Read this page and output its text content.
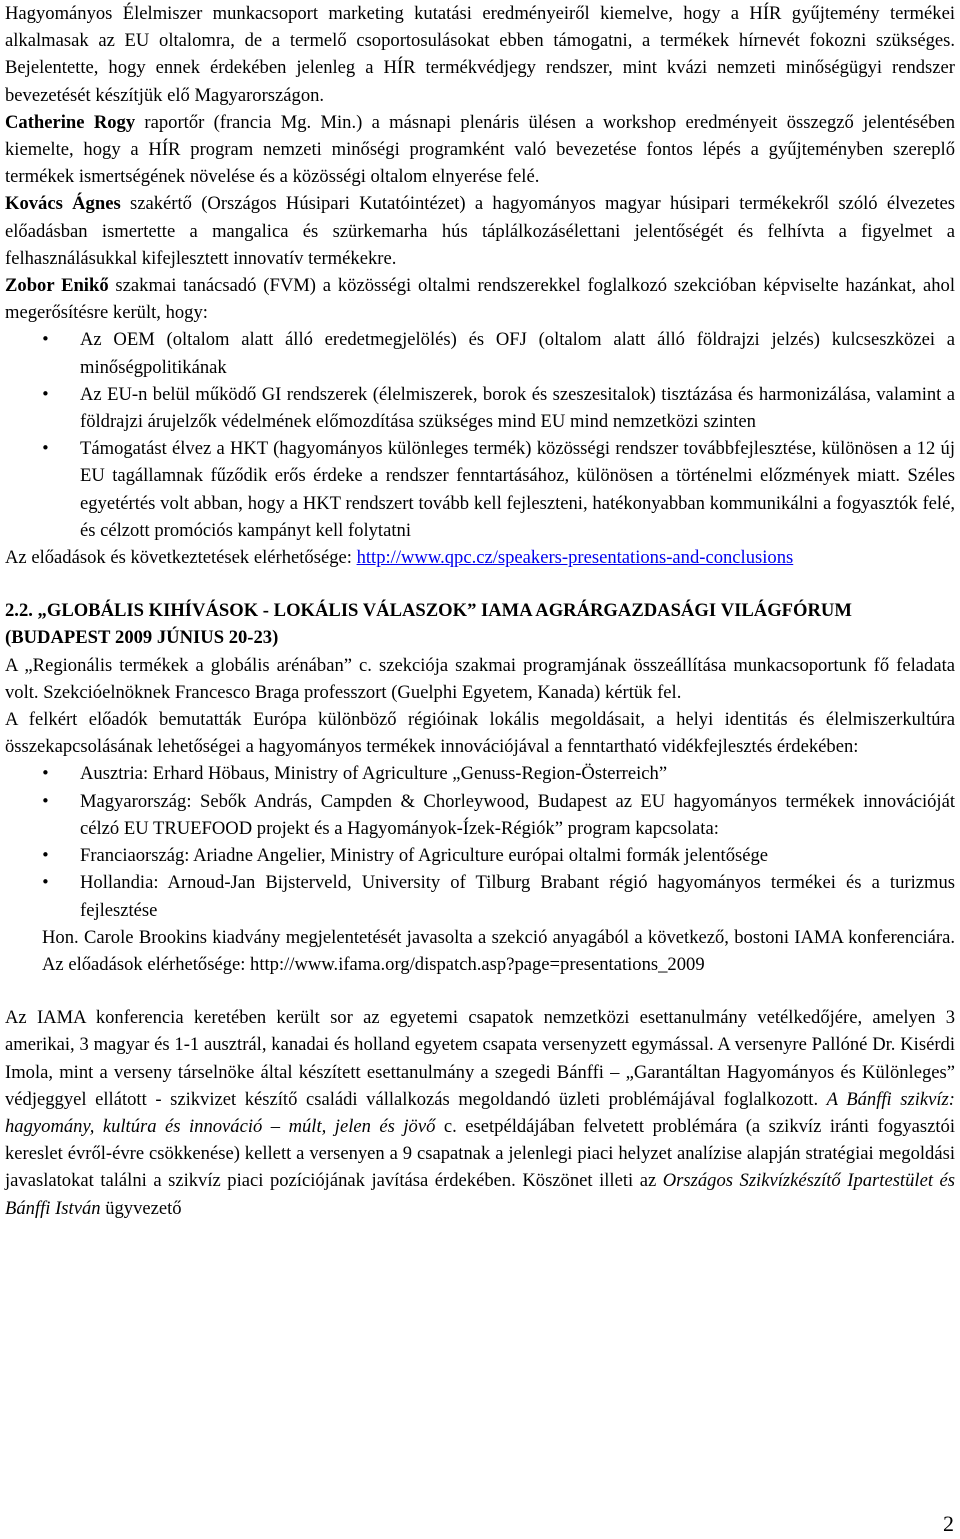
Hagyományos Élelmiszer munkacsoport marketing kutatási eredményeiről kiemelve, hogy a HÍR gyűjtemény termékei alkalmasak az EU oltalomra, de a termelő csoportosulásokat ebben támogatni, a termékek hírnevét fokozni szükséges. Bejelentette, hogy ennek érdekében jelenleg a HÍR termékvédjegy rendszer, mint kvázi nemzeti minőségügyi rendszer bevezetését készítjük elő Magyarországon.

Catherine Rogy raportőr (francia Mg. Min.) a másnapi plenáris ülésen a workshop eredményeit összegző jelentésében kiemelte, hogy a HÍR program nemzeti minőségi programként való bevezetése fontos lépés a gyűjteményben szereplő termékek ismertségének növelése és a közösségi oltalom elnyerése felé.

Kovács Ágnes szakértő (Országos Húsipari Kutatóintézet) a hagyományos magyar húsipari termékekről szóló élvezetes előadásban ismertette a mangalica és szürkemarha hús táplálkozásélettani jelentőségét és felhívta a figyelmet a felhasználásukkal kifejlesztett innovatív termékekre.

Zobor Enikő szakmai tanácsadó (FVM) a közösségi oltalmi rendszerekkel foglalkozó szekcióban képviselte hazánkat, ahol megerősítésre került, hogy:

• Az OEM (oltalom alatt álló eredetmegjelölés) és OFJ (oltalom alatt álló földrajzi jelzés) kulcseszközei a minőségpolitikának
• Az EU-n belül működő GI rendszerek (élelmiszerek, borok és szeszesitalok) tisztázása és harmonizálása, valamint a földrajzi árujelzők védelmének előmozdítása szükséges mind EU mind nemzetközi szinten
• Támogatást élvez a HKT (hagyományos különleges termék) közösségi rendszer továbbfejlesztése, különösen a 12 új EU tagállamnak fűződik erős érdeke a rendszer fenntartásához, különösen a történelmi előzmények miatt. Széles egyetértés volt abban, hogy a HKT rendszert tovább kell fejleszteni, hatékonyabban kommunikálni a fogyasztók felé, és célzott promóciós kampányt kell folytatni

Az előadások és következtetések elérhetősége: http://www.qpc.cz/speakers-presentations-and-conclusions

2.2. „GLOBÁLIS KIHÍVÁSOK - LOKÁLIS VÁLASZOK” IAMA AGRÁRGAZDASÁGI VILÁGFÓRUM
(BUDAPEST 2009 JÚNIUS 20-23)

A „Regionális termékek a globális arénában” c. szekciója szakmai programjának összeállítása munkacsoportunk fő feladata volt. Szekcióelnöknek Francesco Braga professzort (Guelphi Egyetem, Kanada) kértük fel.

A felkért előadók bemutatták Európa különböző régióinak lokális megoldásait, a helyi identitás és élelmiszerkultúra összekapcsolásának lehetőségei a hagyományos termékek innovációjával a fenntartható vidékfejlesztés érdekében:

• Ausztria: Erhard Höbaus, Ministry of Agriculture „Genuss-Region-Österreich”
• Magyarország: Sebők András, Campden & Chorleywood, Budapest az EU hagyományos termékek innovációját célzó EU TRUEFOOD projekt és a Hagyományok-Ízek-Régiók” program kapcsolata:
• Franciaország: Ariadne Angelier, Ministry of Agriculture európai oltalmi formák jelentősége
• Hollandia: Arnoud-Jan Bijsterveld, University of Tilburg Brabant régió hagyományos termékei és a turizmus fejlesztése

Hon. Carole Brookins kiadvány megjelentetését javasolta a szekció anyagából a következő, bostoni IAMA konferenciára. Az előadások elérhetősége: http://www.ifama.org/dispatch.asp?page=presentations_2009

Az IAMA konferencia keretében került sor az egyetemi csapatok nemzetközi esettanulmány vetélkedőjére, amelyen 3 amerikai, 3 magyar és 1-1 ausztrál, kanadai és holland egyetem csapata versenyzett egymással. A versenyre Pallóné Dr. Kisérdi Imola, mint a verseny társelnöke által készített esettanulmány a szegedi Bánffi – „Garantáltan Hagyományos és Különleges” védjeggyel ellátott - szikvizet készítő családi vállalkozás megoldandó üzleti problémájával foglalkozott. A Bánffi szikvíz: hagyomány, kultúra és innováció – múlt, jelen és jövő c. esetpéldájában felvetett problémára (a szikvíz iránti fogyasztói kereslet évről-évre csökkenése) kellett a versenyen a 9 csapatnak a jelenlegi piaci helyzet analízise alapján stratégiai megoldási javaslatokat találni a szikvíz piaci pozíciójának javítása érdekében. Köszönet illeti az Országos Szikvízkészítő Ipartestület és Bánffi István ügyvezető

2
